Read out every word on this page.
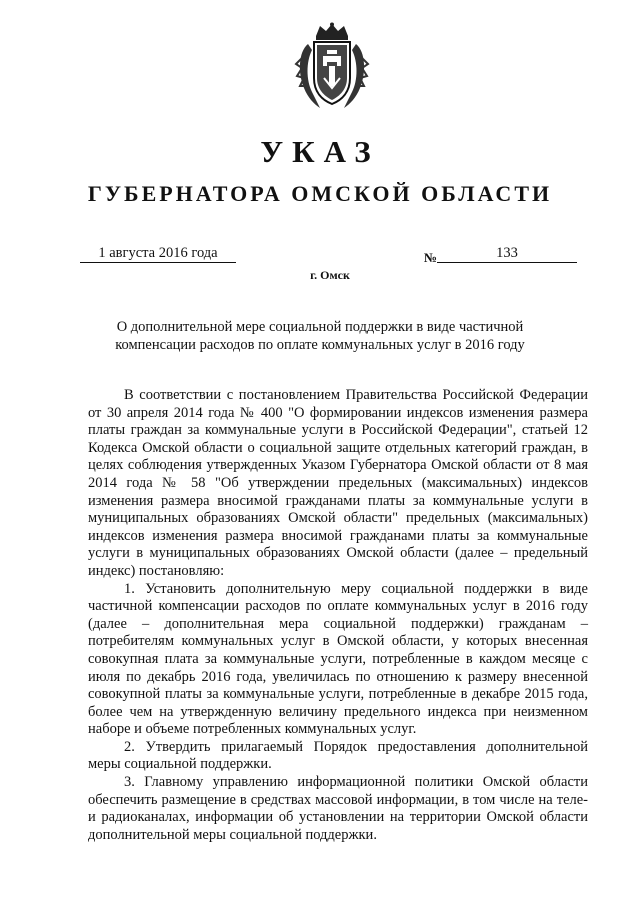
УКАЗ
ГУБЕРНАТОРА ОМСКОЙ ОБЛАСТИ
1 августа 2016 года	№	133
г. Омск
О дополнительной мере социальной поддержки в виде частичной компенсации расходов по оплате коммунальных услуг в 2016 году

В соответствии с постановлением Правительства Российской Федерации от 30 апреля 2014 года № 400 "О формировании индексов изменения размера платы граждан за коммунальные услуги в Российской Федерации", статьей 12 Кодекса Омской области о социальной защите отдельных категорий граждан, в целях соблюдения утвержденных Указом Губернатора Омской области от 8 мая 2014 года № 58 "Об утверждении предельных (максимальных) индексов изменения размера вносимой гражданами платы за коммунальные услуги в муниципальных образованиях Омской области" предельных (максимальных) индексов изменения размера вносимой гражданами платы за коммунальные услуги в муниципальных образованиях Омской области (далее – предельный индекс) постановляю:

1. Установить дополнительную меру социальной поддержки в виде частичной компенсации расходов по оплате коммунальных услуг в 2016 году (далее – дополнительная мера социальной поддержки) гражданам – потребителям коммунальных услуг в Омской области, у которых внесенная совокупная плата за коммунальные услуги, потребленные в каждом месяце с июля по декабрь 2016 года, увеличилась по отношению к размеру внесенной совокупной платы за коммунальные услуги, потребленные в декабре 2015 года, более чем на утвержденную величину предельного индекса при неизменном наборе и объеме потребленных коммунальных услуг.

2. Утвердить прилагаемый Порядок предоставления дополнительной меры социальной поддержки.

3. Главному управлению информационной политики Омской области обеспечить размещение в средствах массовой информации, в том числе на теле- и радиоканалах, информации об установлении на территории Омской области дополнительной меры социальной поддержки.
